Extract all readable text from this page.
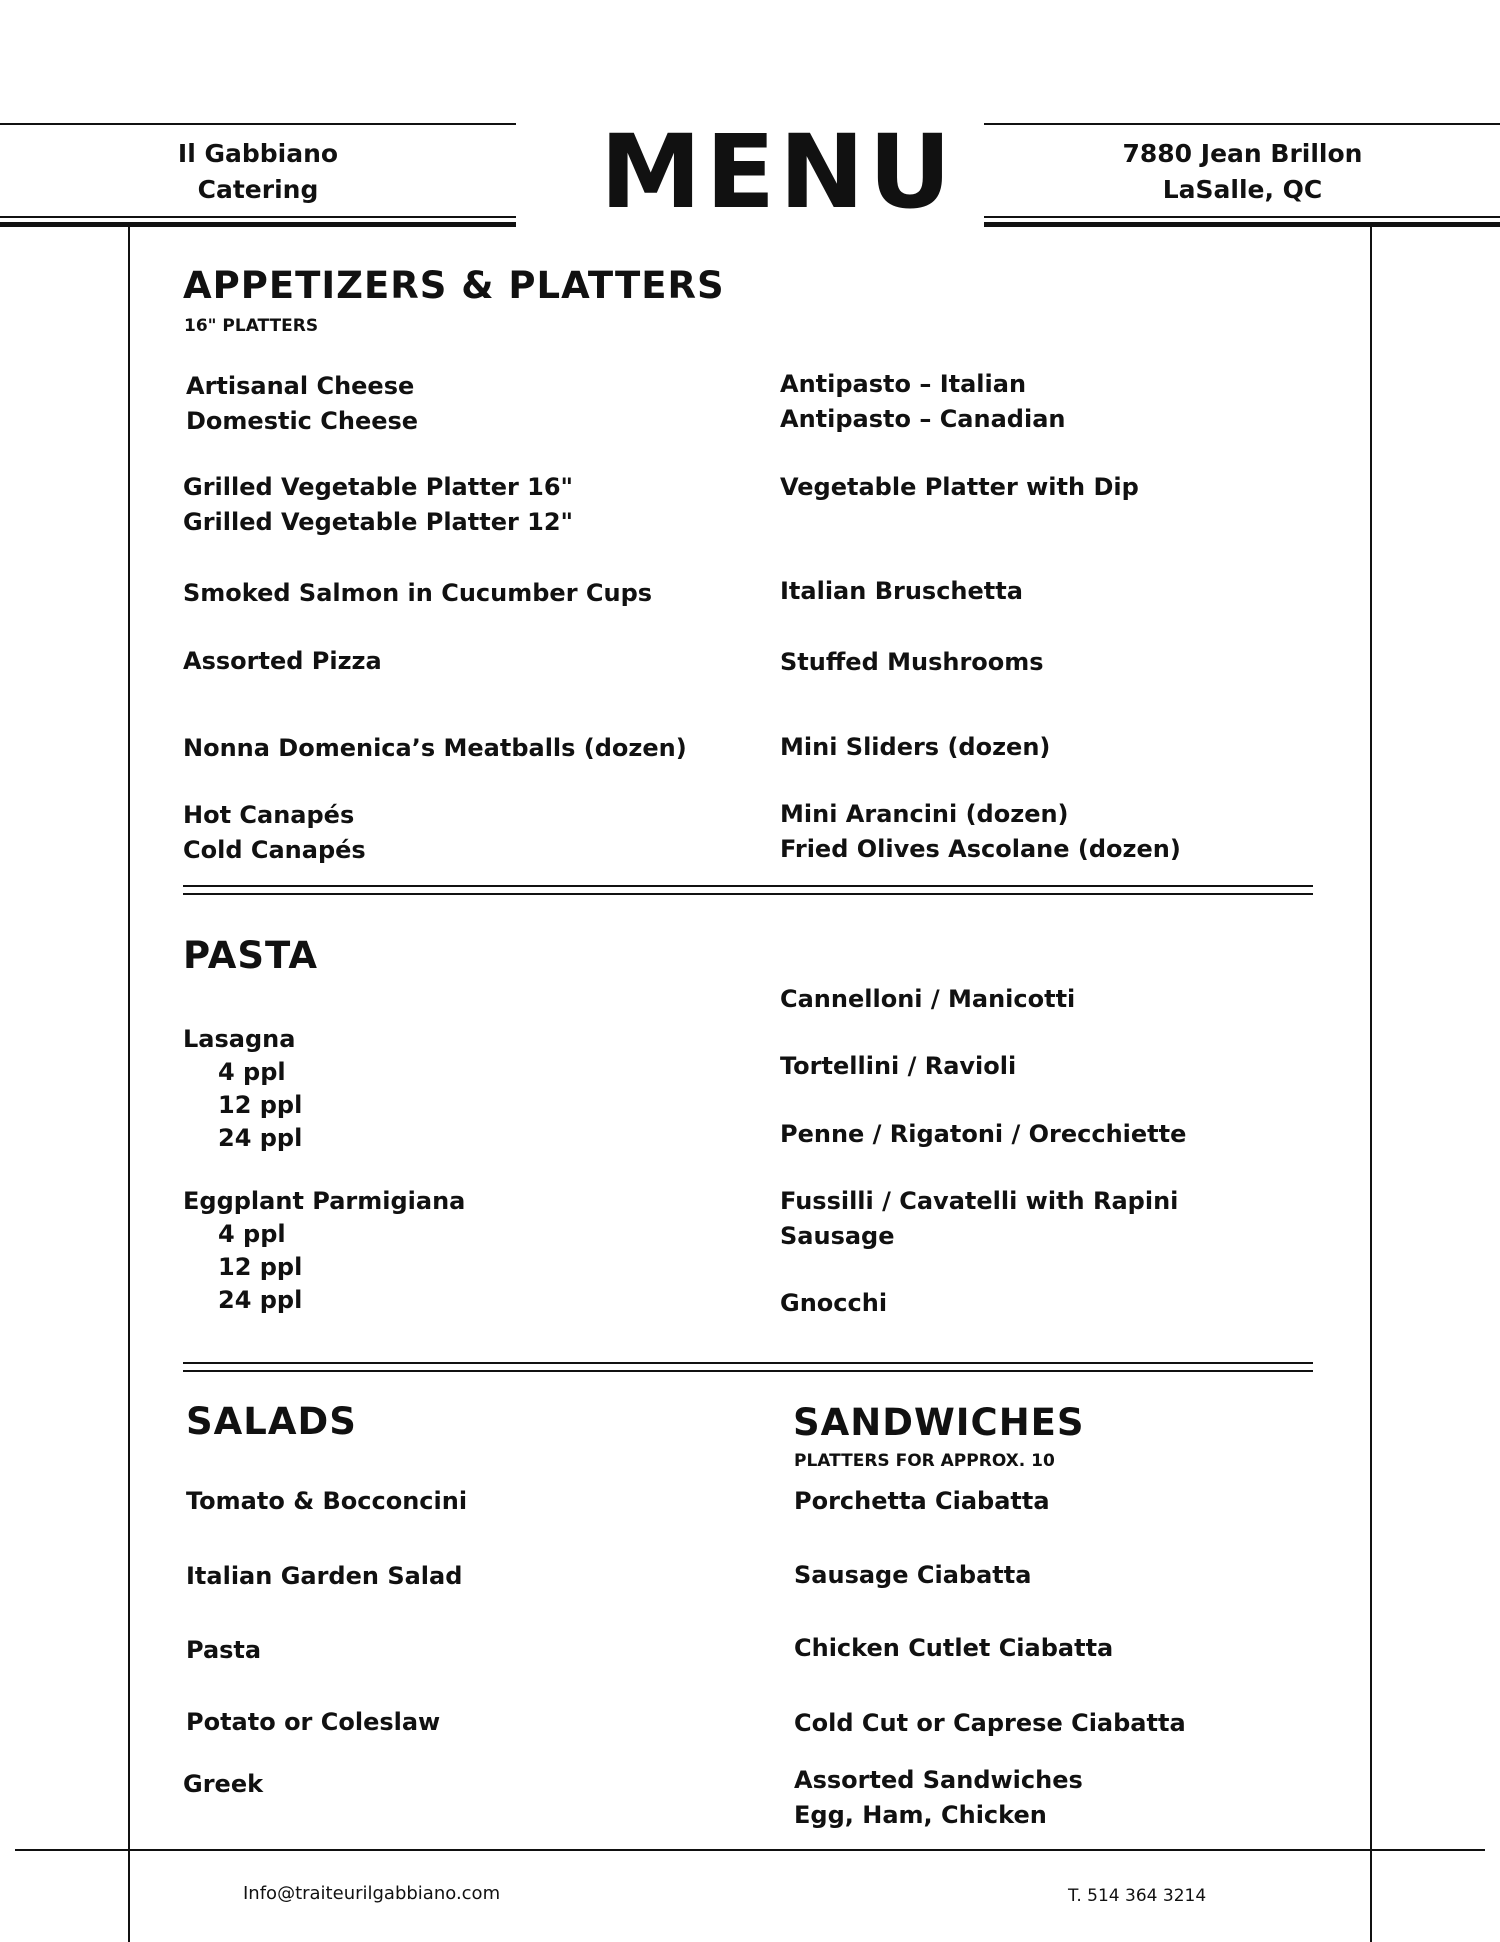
Il Gabbiano
Catering	MENU	7880 Jean Brillon
LaSalle, QC
APPETIZERS & PLATTERS
16" PLATTERS
Artisanal Cheese
Domestic Cheese
Grilled Vegetable Platter 16"
Grilled Vegetable Platter 12"
Smoked Salmon in Cucumber Cups
Assorted Pizza
Nonna Domenica’s Meatballs (dozen)
Hot Canapés
Cold Canapés
Antipasto – Italian
Antipasto – Canadian
Vegetable Platter with Dip
Italian Bruschetta
Stuffed Mushrooms
Mini Sliders (dozen)
Mini Arancini (dozen)
Fried Olives Ascolane (dozen)
PASTA
Lasagna
4 ppl
12 ppl
24 ppl
Eggplant Parmigiana
4 ppl
12 ppl
24 ppl
Cannelloni / Manicotti
Tortellini / Ravioli
Penne / Rigatoni / Orecchiette
Fussilli / Cavatelli with Rapini
Sausage
Gnocchi
SALADS
Tomato & Bocconcini
Italian Garden Salad
Pasta
Potato or Coleslaw
Greek
SANDWICHES
PLATTERS FOR APPROX. 10
Porchetta Ciabatta
Sausage Ciabatta
Chicken Cutlet Ciabatta
Cold Cut or Caprese Ciabatta
Assorted Sandwiches
Egg, Ham, Chicken
Info@traiteurilgabbiano.com	T. 514 364 3214
